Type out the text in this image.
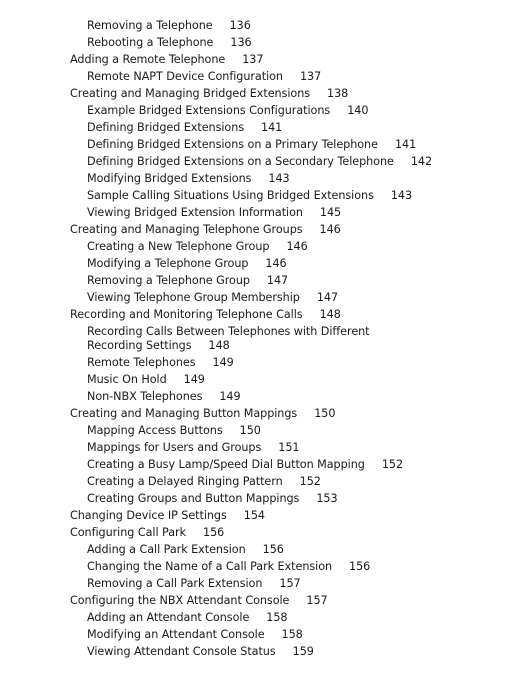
Removing a Telephone 136
Rebooting a Telephone 136
Adding a Remote Telephone 137
Remote NAPT Device Configuration 137
Creating and Managing Bridged Extensions 138
Example Bridged Extensions Configurations 140
Defining Bridged Extensions 141
Defining Bridged Extensions on a Primary Telephone 141
Defining Bridged Extensions on a Secondary Telephone 142
Modifying Bridged Extensions 143
Sample Calling Situations Using Bridged Extensions 143
Viewing Bridged Extension Information 145
Creating and Managing Telephone Groups 146
Creating a New Telephone Group 146
Modifying a Telephone Group 146
Removing a Telephone Group 147
Viewing Telephone Group Membership 147
Recording and Monitoring Telephone Calls 148
Recording Calls Between Telephones with Different Recording Settings 148
Remote Telephones 149
Music On Hold 149
Non-NBX Telephones 149
Creating and Managing Button Mappings 150
Mapping Access Buttons 150
Mappings for Users and Groups 151
Creating a Busy Lamp/Speed Dial Button Mapping 152
Creating a Delayed Ringing Pattern 152
Creating Groups and Button Mappings 153
Changing Device IP Settings 154
Configuring Call Park 156
Adding a Call Park Extension 156
Changing the Name of a Call Park Extension 156
Removing a Call Park Extension 157
Configuring the NBX Attendant Console 157
Adding an Attendant Console 158
Modifying an Attendant Console 158
Viewing Attendant Console Status 159
